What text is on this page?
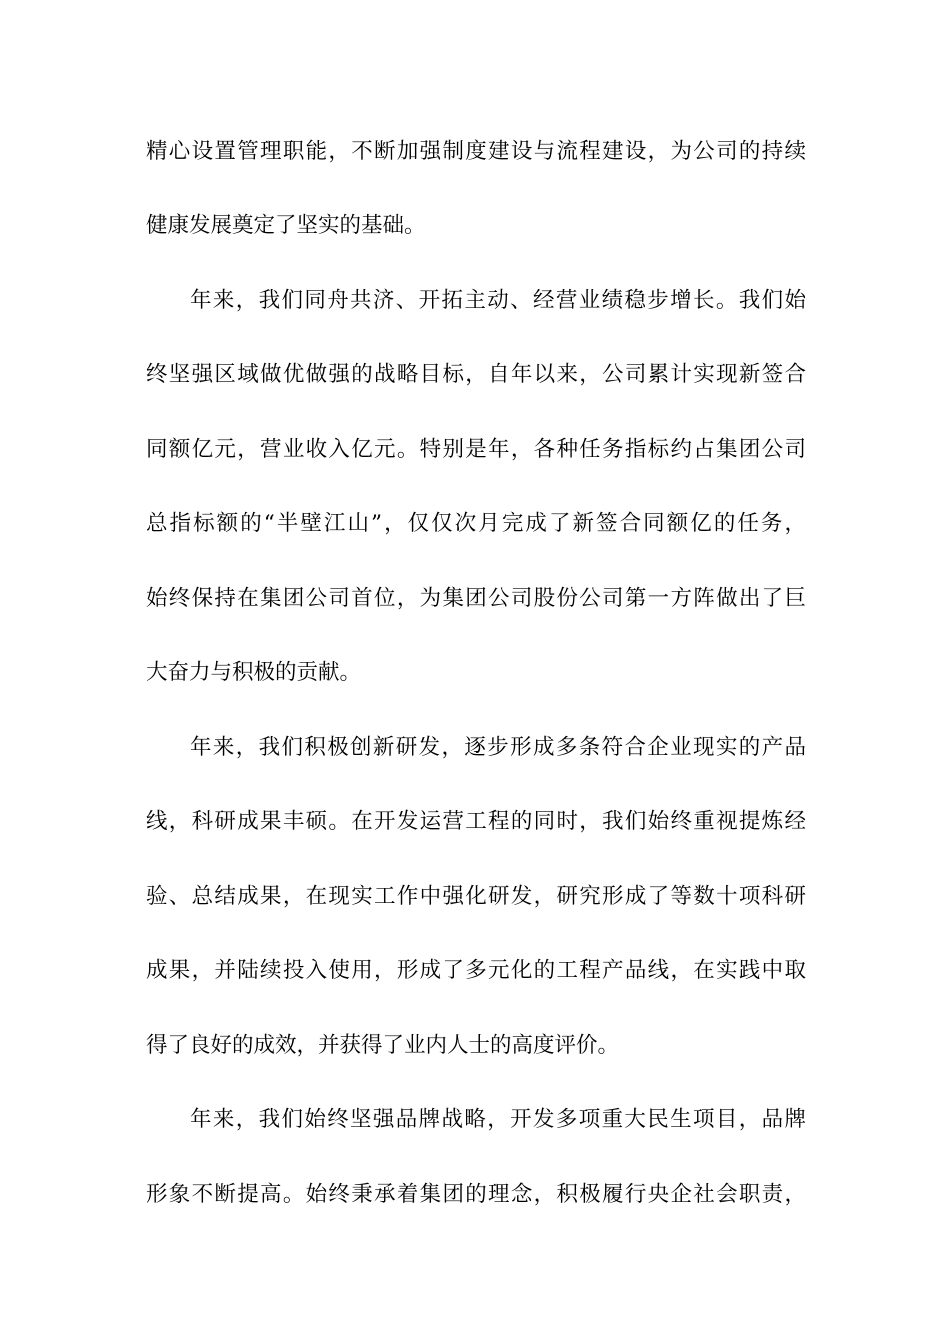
精心设置管理职能，不断加强制度建设与流程建设，为公司的持续

健康发展奠定了坚实的基础。

年来，我们同舟共济、开拓主动、经营业绩稳步增长。我们始

终坚强区域做优做强的战略目标，自年以来，公司累计实现新签合

同额亿元，营业收入亿元。特别是年，各种任务指标约占集团公司

总指标额的“半壁江山”，仅仅次月完成了新签合同额亿的任务，

始终保持在集团公司首位，为集团公司股份公司第一方阵做出了巨

大奋力与积极的贡献。

年来，我们积极创新研发，逐步形成多条符合企业现实的产品

线，科研成果丰硕。在开发运营工程的同时，我们始终重视提炼经

验、总结成果，在现实工作中强化研发，研究形成了等数十项科研

成果，并陆续投入使用，形成了多元化的工程产品线，在实践中取

得了良好的成效，并获得了业内人士的高度评价。

年来，我们始终坚强品牌战略，开发多项重大民生项目，品牌

形象不断提高。始终秉承着集团的理念，积极履行央企社会职责，
